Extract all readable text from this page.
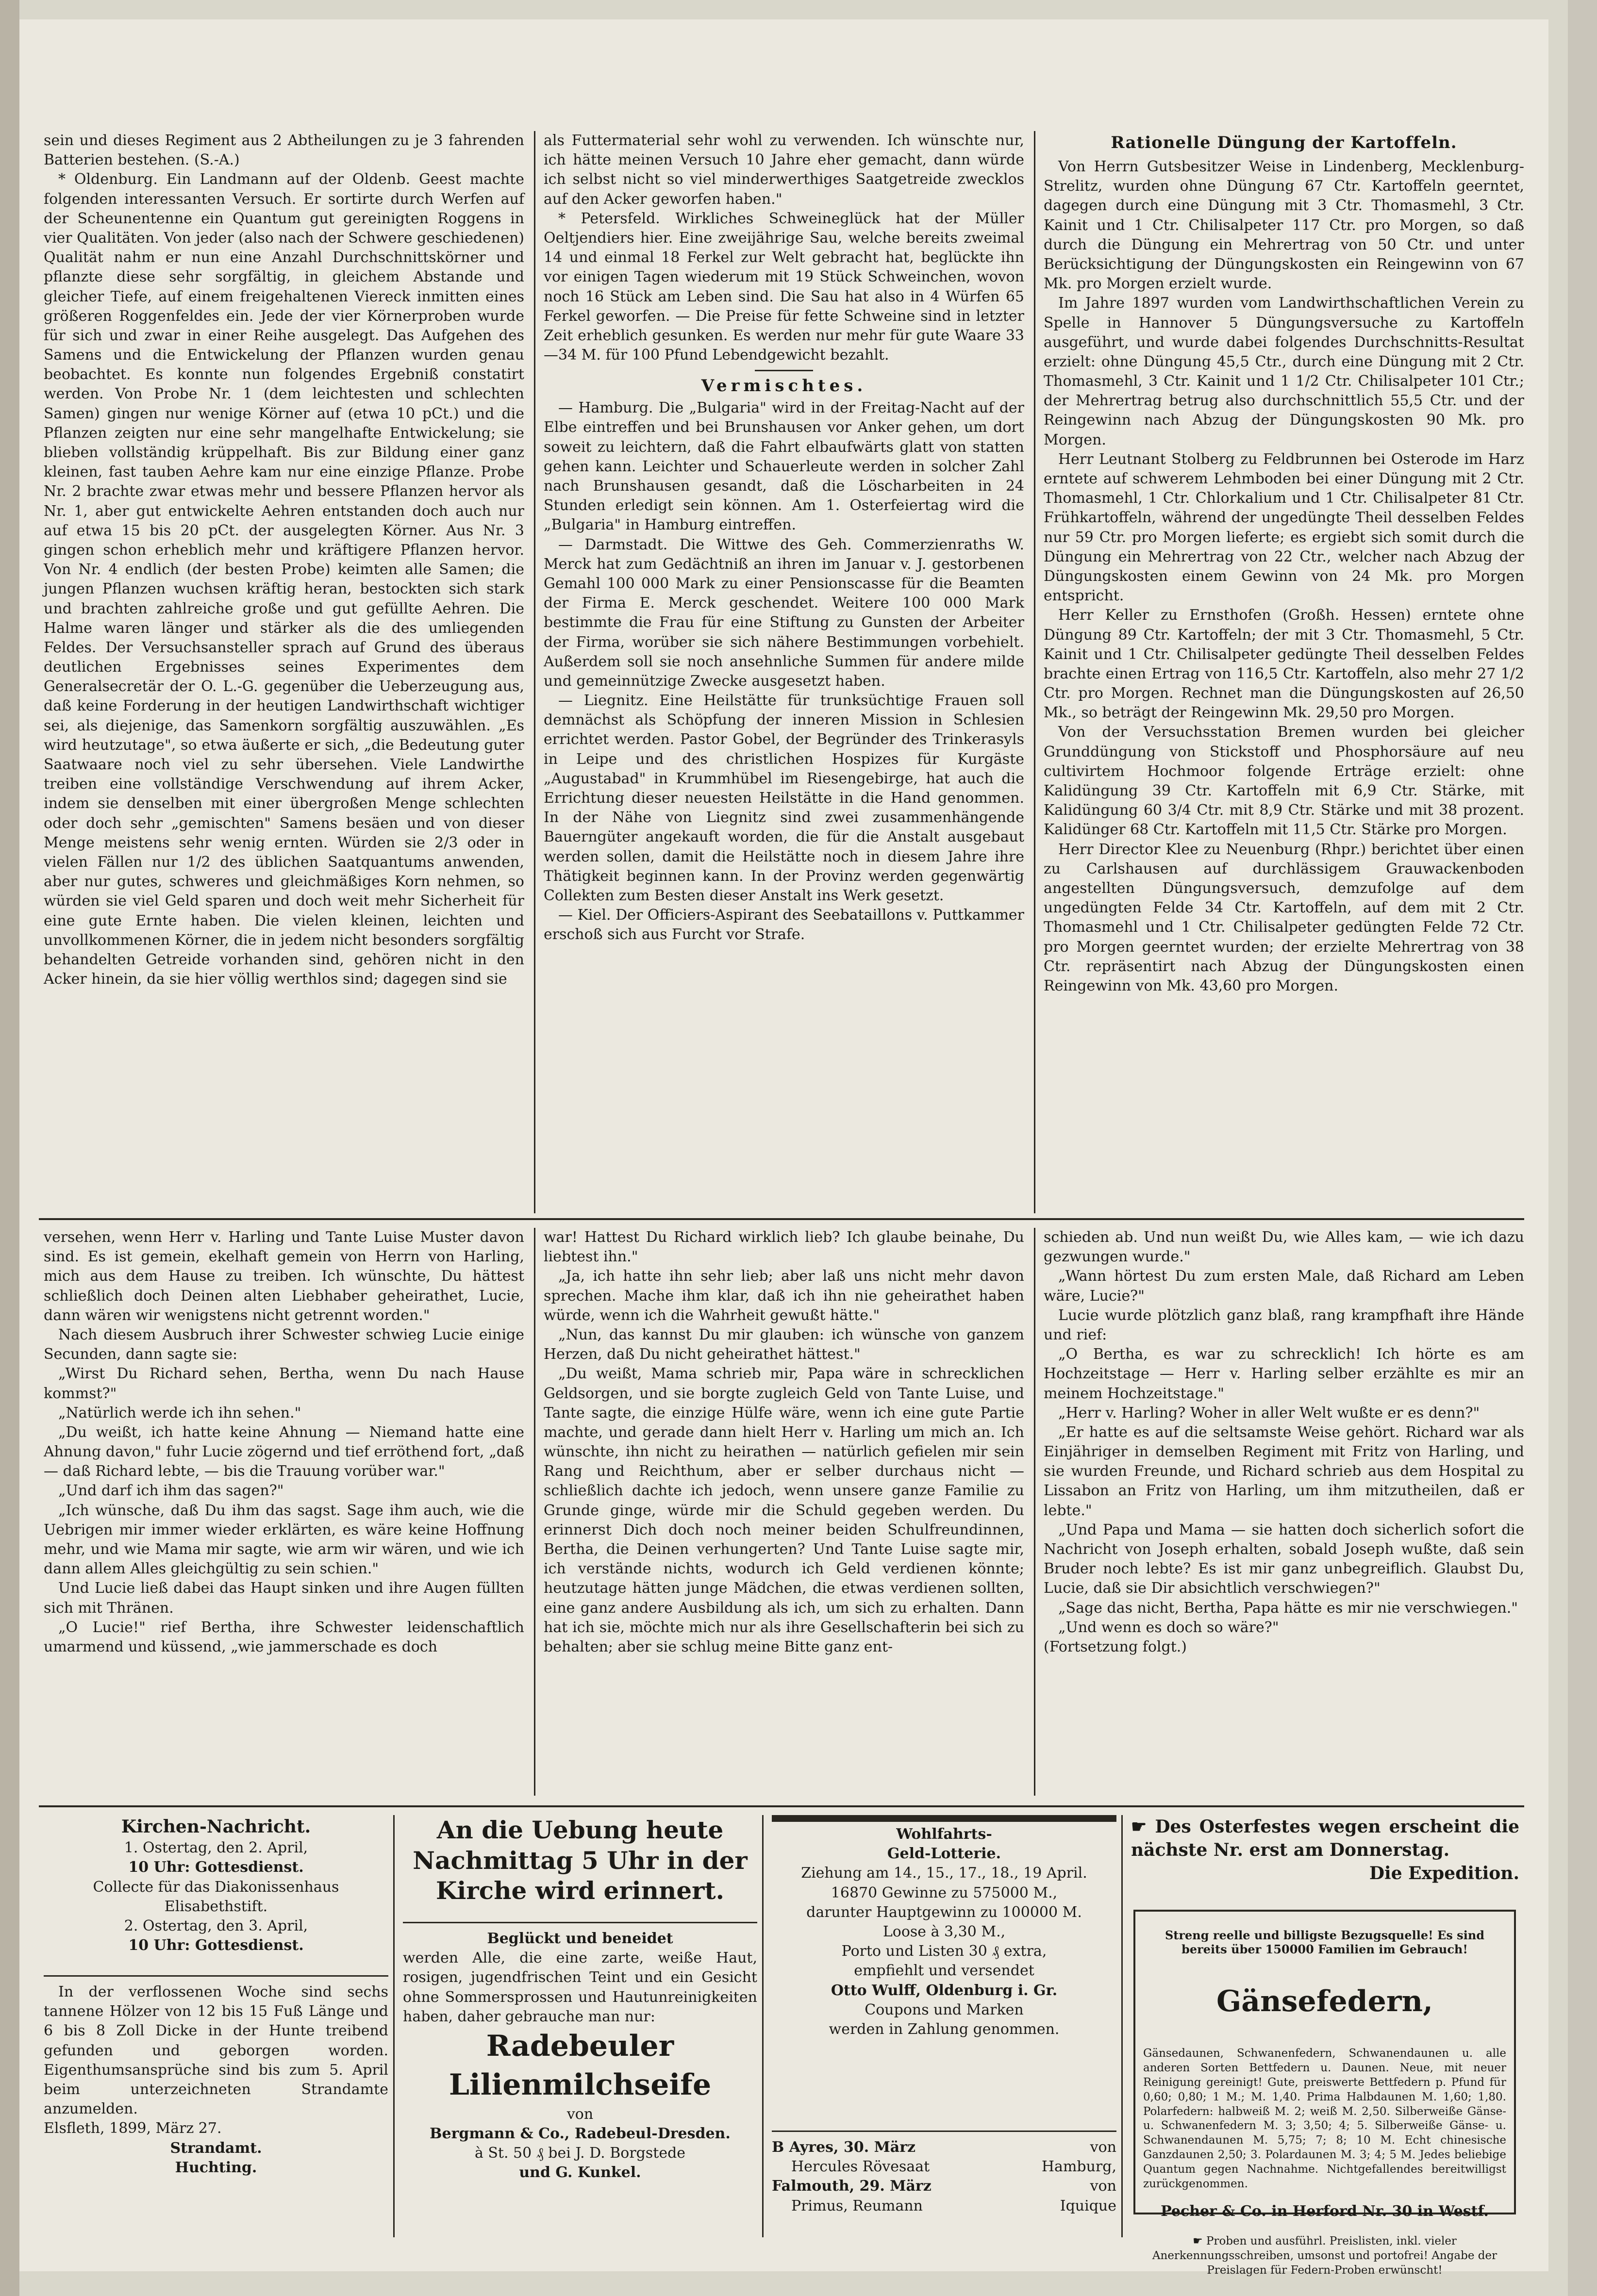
sein und dieses Regiment aus 2 Abtheilungen zu je 3 fahrenden Batterien bestehen. (S.-A.)

* Oldenburg. Ein Landmann auf der Oldenb. Geest machte folgenden interessanten Versuch. Er sortirte durch Werfen auf der Scheunentenne ein Quantum gut gereinigten Roggens in vier Qualitäten. Von jeder (also nach der Schwere geschiedenen) Qualität nahm er nun eine Anzahl Durchschnittskörner und pflanzte diese sehr sorgfältig, in gleichem Abstande und gleicher Tiefe, auf einem freigehaltenen Viereck inmitten eines größeren Roggenfeldes ein. Jede der vier Körnerproben wurde für sich und zwar in einer Reihe ausgelegt. Das Aufgehen des Samens und die Entwickelung der Pflanzen wurden genau beobachtet. Es konnte nun folgendes Ergebniß constatirt werden. Von Probe Nr. 1 (dem leichtesten und schlechten Samen) gingen nur wenige Körner auf (etwa 10 pCt.) und die Pflanzen zeigten nur eine sehr mangelhafte Entwickelung; sie blieben vollständig krüppelhaft. Bis zur Bildung einer ganz kleinen, fast tauben Aehre kam nur eine einzige Pflanze. Probe Nr. 2 brachte zwar etwas mehr und bessere Pflanzen hervor als Nr. 1, aber gut entwickelte Aehren entstanden doch auch nur auf etwa 15 bis 20 pCt. der ausgelegten Körner. Aus Nr. 3 gingen schon erheblich mehr und kräftigere Pflanzen hervor. Von Nr. 4 endlich (der besten Probe) keimten alle Samen; die jungen Pflanzen wuchsen kräftig heran, bestockten sich stark und brachten zahlreiche große und gut gefüllte Aehren. Die Halme waren länger und stärker als die des umliegenden Feldes. Der Versuchsansteller sprach auf Grund des überaus deutlichen Ergebnisses seines Experimentes dem Generalsecretär der O. L.-G. gegenüber die Ueberzeugung aus, daß keine Forderung in der heutigen Landwirthschaft wichtiger sei, als diejenige, das Samenkorn sorgfältig auszuwählen. „Es wird heutzutage", so etwa äußerte er sich, „die Bedeutung guter Saatwaare noch viel zu sehr übersehen. Viele Landwirthe treiben eine vollständige Verschwendung auf ihrem Acker, indem sie denselben mit einer übergroßen Menge schlechten oder doch sehr „gemischten" Samens besäen und von dieser Menge meistens sehr wenig ernten. Würden sie 2/3 oder in vielen Fällen nur 1/2 des üblichen Saatquantums anwenden, aber nur gutes, schweres und gleichmäßiges Korn nehmen, so würden sie viel Geld sparen und doch weit mehr Sicherheit für eine gute Ernte haben. Die vielen kleinen, leichten und unvollkommenen Körner, die in jedem nicht besonders sorgfältig behandelten Getreide vorhanden sind, gehören nicht in den Acker hinein, da sie hier völlig werthlos sind; dagegen sind sie

als Futtermaterial sehr wohl zu verwenden. Ich wünschte nur, ich hätte meinen Versuch 10 Jahre eher gemacht, dann würde ich selbst nicht so viel minderwerthiges Saatgetreide zwecklos auf den Acker geworfen haben."

* Petersfeld. Wirkliches Schweineglück hat der Müller Oeltjendiers hier. Eine zweijährige Sau, welche bereits zweimal 14 und einmal 18 Ferkel zur Welt gebracht hat, beglückte ihn vor einigen Tagen wiederum mit 19 Stück Schweinchen, wovon noch 16 Stück am Leben sind. Die Sau hat also in 4 Würfen 65 Ferkel geworfen. — Die Preise für fette Schweine sind in letzter Zeit erheblich gesunken. Es werden nur mehr für gute Waare 33—34 M. für 100 Pfund Lebendgewicht bezahlt.

Vermischtes.

— Hamburg. Die „Bulgaria" wird in der Freitag-Nacht auf der Elbe eintreffen und bei Brunshausen vor Anker gehen, um dort soweit zu leichtern, daß die Fahrt elbaufwärts glatt von statten gehen kann. Leichter und Schauerleute werden in solcher Zahl nach Brunshausen gesandt, daß die Löscharbeiten in 24 Stunden erledigt sein können. Am 1. Osterfeiertag wird die „Bulgaria" in Hamburg eintreffen.

— Darmstadt. Die Wittwe des Geh. Commerzienraths W. Merck hat zum Gedächtniß an ihren im Januar v. J. gestorbenen Gemahl 100 000 Mark zu einer Pensionscasse für die Beamten der Firma E. Merck geschendet. Weitere 100 000 Mark bestimmte die Frau für eine Stiftung zu Gunsten der Arbeiter der Firma, worüber sie sich nähere Bestimmungen vorbehielt. Außerdem soll sie noch ansehnliche Summen für andere milde und gemeinnützige Zwecke ausgesetzt haben.

— Liegnitz. Eine Heilstätte für trunksüchtige Frauen soll demnächst als Schöpfung der inneren Mission in Schlesien errichtet werden. Pastor Gobel, der Begründer des Trinkerasyls in Leipe und des christlichen Hospizes für Kurgäste „Augustabad" in Krummhübel im Riesengebirge, hat auch die Errichtung dieser neuesten Heilstätte in die Hand genommen. In der Nähe von Liegnitz sind zwei zusammenhängende Bauerngüter angekauft worden, die für die Anstalt ausgebaut werden sollen, damit die Heilstätte noch in diesem Jahre ihre Thätigkeit beginnen kann. In der Provinz werden gegenwärtig Collekten zum Besten dieser Anstalt ins Werk gesetzt.

— Kiel. Der Officiers-Aspirant des Seebataillons v. Puttkammer erschoß sich aus Furcht vor Strafe.

Rationelle Düngung der Kartoffeln.

Von Herrn Gutsbesitzer Weise in Lindenberg, Mecklenburg-Strelitz, wurden ohne Düngung 67 Ctr. Kartoffeln geerntet, dagegen durch eine Düngung mit 3 Ctr. Thomasmehl, 3 Ctr. Kainit und 1 Ctr. Chilisalpeter 117 Ctr. pro Morgen, so daß durch die Düngung ein Mehrertrag von 50 Ctr. und unter Berücksichtigung der Düngungskosten ein Reingewinn von 67 Mk. pro Morgen erzielt wurde.

Im Jahre 1897 wurden vom Landwirthschaftlichen Verein zu Spelle in Hannover 5 Düngungsversuche zu Kartoffeln ausgeführt, und wurde dabei folgendes Durchschnitts-Resultat erzielt: ohne Düngung 45,5 Ctr., durch eine Düngung mit 2 Ctr. Thomasmehl, 3 Ctr. Kainit und 1 1/2 Ctr. Chilisalpeter 101 Ctr.; der Mehrertrag betrug also durchschnittlich 55,5 Ctr. und der Reingewinn nach Abzug der Düngungskosten 90 Mk. pro Morgen.

Herr Leutnant Stolberg zu Feldbrunnen bei Osterode im Harz erntete auf schwerem Lehmboden bei einer Düngung mit 2 Ctr. Thomasmehl, 1 Ctr. Chlorkalium und 1 Ctr. Chilisalpeter 81 Ctr. Frühkartoffeln, während der ungedüngte Theil desselben Feldes nur 59 Ctr. pro Morgen lieferte; es ergiebt sich somit durch die Düngung ein Mehrertrag von 22 Ctr., welcher nach Abzug der Düngungskosten einem Gewinn von 24 Mk. pro Morgen entspricht.

Herr Keller zu Ernsthofen (Großh. Hessen) erntete ohne Düngung 89 Ctr. Kartoffeln; der mit 3 Ctr. Thomasmehl, 5 Ctr. Kainit und 1 Ctr. Chilisalpeter gedüngte Theil desselben Feldes brachte einen Ertrag von 116,5 Ctr. Kartoffeln, also mehr 27 1/2 Ctr. pro Morgen. Rechnet man die Düngungskosten auf 26,50 Mk., so beträgt der Reingewinn Mk. 29,50 pro Morgen.

Von der Versuchsstation Bremen wurden bei gleicher Grunddüngung von Stickstoff und Phosphorsäure auf neu cultivirtem Hochmoor folgende Erträge erzielt: ohne Kalidüngung 39 Ctr. Kartoffeln mit 6,9 Ctr. Stärke, mit Kalidüngung 60 3/4 Ctr. mit 8,9 Ctr. Stärke und mit 38 prozent. Kalidünger 68 Ctr. Kartoffeln mit 11,5 Ctr. Stärke pro Morgen.

Herr Director Klee zu Neuenburg (Rhpr.) berichtet über einen zu Carlshausen auf durchlässigem Grauwackenboden angestellten Düngungsversuch, demzufolge auf dem ungedüngten Felde 34 Ctr. Kartoffeln, auf dem mit 2 Ctr. Thomasmehl und 1 Ctr. Chilisalpeter gedüngten Felde 72 Ctr. pro Morgen geerntet wurden; der erzielte Mehrertrag von 38 Ctr. repräsentirt nach Abzug der Düngungskosten einen Reingewinn von Mk. 43,60 pro Morgen.

versehen, wenn Herr v. Harling und Tante Luise Muster davon sind. Es ist gemein, ekelhaft gemein von Herrn von Harling, mich aus dem Hause zu treiben. Ich wünschte, Du hättest schließlich doch Deinen alten Liebhaber geheirathet, Lucie, dann wären wir wenigstens nicht getrennt worden."

Nach diesem Ausbruch ihrer Schwester schwieg Lucie einige Secunden, dann sagte sie:

„Wirst Du Richard sehen, Bertha, wenn Du nach Hause kommst?"

„Natürlich werde ich ihn sehen."

„Du weißt, ich hatte keine Ahnung — Niemand hatte eine Ahnung davon," fuhr Lucie zögernd und tief erröthend fort, „daß — daß Richard lebte, — bis die Trauung vorüber war."

„Und darf ich ihm das sagen?"

„Ich wünsche, daß Du ihm das sagst. Sage ihm auch, wie die Uebrigen mir immer wieder erklärten, es wäre keine Hoffnung mehr, und wie Mama mir sagte, wie arm wir wären, und wie ich dann allem Alles gleichgültig zu sein schien."

Und Lucie ließ dabei das Haupt sinken und ihre Augen füllten sich mit Thränen.

„O Lucie!" rief Bertha, ihre Schwester leidenschaftlich umarmend und küssend, „wie jammerschade es doch

war! Hattest Du Richard wirklich lieb? Ich glaube beinahe, Du liebtest ihn."

„Ja, ich hatte ihn sehr lieb; aber laß uns nicht mehr davon sprechen. Mache ihm klar, daß ich ihn nie geheirathet haben würde, wenn ich die Wahrheit gewußt hätte."

„Nun, das kannst Du mir glauben: ich wünsche von ganzem Herzen, daß Du nicht geheirathet hättest."

„Du weißt, Mama schrieb mir, Papa wäre in schrecklichen Geldsorgen, und sie borgte zugleich Geld von Tante Luise, und Tante sagte, die einzige Hülfe wäre, wenn ich eine gute Partie machte, und gerade dann hielt Herr v. Harling um mich an. Ich wünschte, ihn nicht zu heirathen — natürlich gefielen mir sein Rang und Reichthum, aber er selber durchaus nicht — schließlich dachte ich jedoch, wenn unsere ganze Familie zu Grunde ginge, würde mir die Schuld gegeben werden. Du erinnerst Dich doch noch meiner beiden Schulfreundinnen, Bertha, die Deinen verhungerten? Und Tante Luise sagte mir, ich verstände nichts, wodurch ich Geld verdienen könnte; heutzutage hätten junge Mädchen, die etwas verdienen sollten, eine ganz andere Ausbildung als ich, um sich zu erhalten. Dann hat ich sie, möchte mich nur als ihre Gesellschafterin bei sich zu behalten; aber sie schlug meine Bitte ganz ent-

schieden ab. Und nun weißt Du, wie Alles kam, — wie ich dazu gezwungen wurde."

„Wann hörtest Du zum ersten Male, daß Richard am Leben wäre, Lucie?"

Lucie wurde plötzlich ganz blaß, rang krampfhaft ihre Hände und rief:

„O Bertha, es war zu schrecklich! Ich hörte es am Hochzeitstage — Herr v. Harling selber erzählte es mir an meinem Hochzeitstage."

„Herr v. Harling? Woher in aller Welt wußte er es denn?"

„Er hatte es auf die seltsamste Weise gehört. Richard war als Einjähriger in demselben Regiment mit Fritz von Harling, und sie wurden Freunde, und Richard schrieb aus dem Hospital zu Lissabon an Fritz von Harling, um ihm mitzutheilen, daß er lebte."

„Und Papa und Mama — sie hatten doch sicherlich sofort die Nachricht von Joseph erhalten, sobald Joseph wußte, daß sein Bruder noch lebte? Es ist mir ganz unbegreiflich. Glaubst Du, Lucie, daß sie Dir absichtlich verschwiegen?"

„Sage das nicht, Bertha, Papa hätte es mir nie verschwiegen."

„Und wenn es doch so wäre?"

(Fortsetzung folgt.)

Kirchen-Nachricht.

1. Ostertag, den 2. April,

10 Uhr: Gottesdienst.

Collecte für das Diakonissenhaus Elisabethstift.

2. Ostertag, den 3. April,

10 Uhr: Gottesdienst.

In der verflossenen Woche sind sechs tannene Hölzer von 12 bis 15 Fuß Länge und 6 bis 8 Zoll Dicke in der Hunte treibend gefunden und geborgen worden. Eigenthumsansprüche sind bis zum 5. April beim unterzeichneten Strandamte anzumelden.

Elsfleth, 1899, März 27.

Strandamt.

Huchting.

An die Uebung heute

Nachmittag 5 Uhr in der

Kirche wird erinnert.

Beglückt und beneidet

werden Alle, die eine zarte, weiße Haut, rosigen, jugendfrischen Teint und ein Gesicht ohne Sommersprossen und Hautunreinigkeiten haben, daher gebrauche man nur:

Radebeuler Lilienmilchseife

von

Bergmann & Co., Radebeul-Dresden.

à St. 50 ₰ bei J. D. Borgstede

und G. Kunkel.

Wohlfahrts-

Geld-Lotterie.

Ziehung am 14., 15., 17., 18., 19 April.

16870 Gewinne zu 575000 M.,

darunter Hauptgewinn zu 100000 M.

Loose à 3,30 M.,

Porto und Listen 30 ₰ extra,

empfiehlt und versendet

Otto Wulff, Oldenburg i. Gr.

Coupons und Marken

werden in Zahlung genommen.

B Ayres, 30. März	von
Hercules Rövesaat	Hamburg,
Falmouth, 29. März	von
Primus, Reumann	Iquique

☛ Des Osterfestes wegen erscheint die nächste Nr. erst am Donnerstag.

Die Expedition.

Streng reelle und billigste Bezugsquelle! Es sind bereits über 150000 Familien im Gebrauch!

Gänsefedern,

Gänsedaunen, Schwanenfedern, Schwanendaunen u. alle anderen Sorten Bettfedern u. Daunen. Neue, mit neuer Reinigung gereinigt! Gute, preiswerte Bettfedern p. Pfund für 0,60; 0,80; 1 M.; M. 1,40. Prima Halbdaunen M. 1,60; 1,80. Polarfedern: halbweiß M. 2; weiß M. 2,50. Silberweiße Gänse- u. Schwanenfedern M. 3; 3,50; 4; 5. Silberweiße Gänse- u. Schwanendaunen M. 5,75; 7; 8; 10 M. Echt chinesische Ganzdaunen 2,50; 3. Polardaunen M. 3; 4; 5 M. Jedes beliebige Quantum gegen Nachnahme. Nichtgefallendes bereitwilligst zurückgenommen.

Pecher & Co. in Herford Nr. 30 in Westf.

☛ Proben und ausführl. Preislisten, inkl. vieler Anerkennungsschreiben, umsonst und portofrei! Angabe der Preislagen für Federn-Proben erwünscht!
